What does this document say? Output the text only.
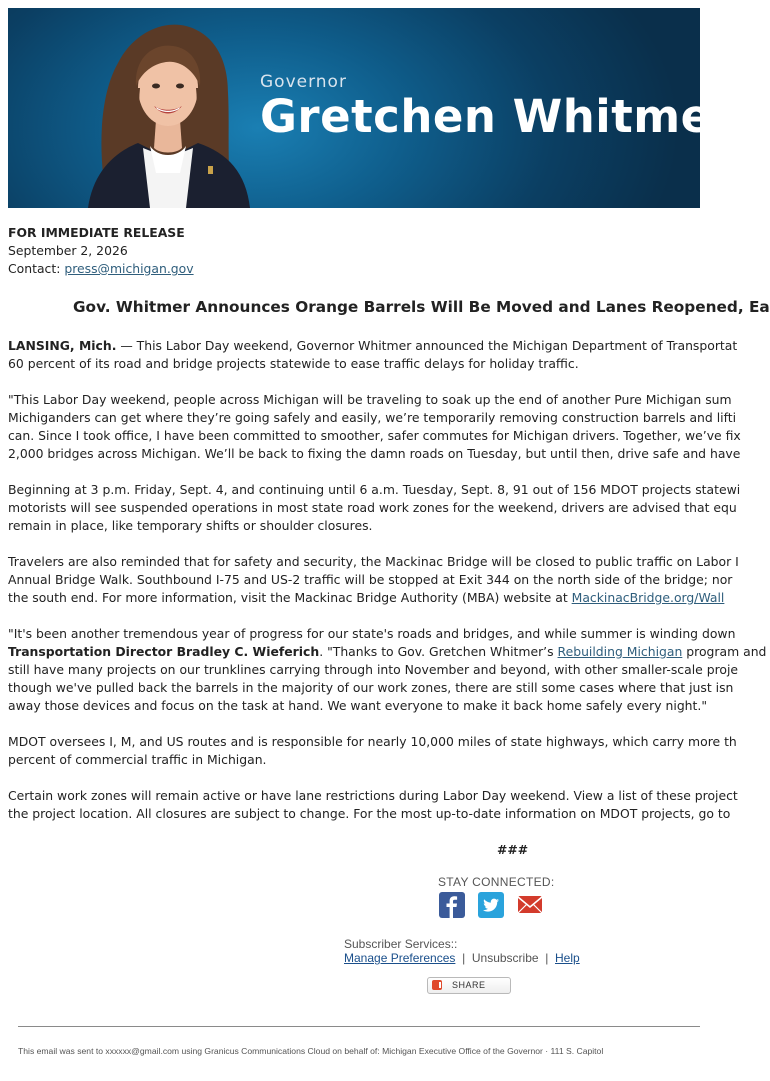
Governor
Gretchen Whitmer
FOR IMMEDIATE RELEASE
September 2, 2026
Contact: press@michigan.gov
Gov. Whitmer Announces Orange Barrels Will Be Moved and Lanes Reopened, Ea
LANSING, Mich. — This Labor Day weekend, Governor Whitmer announced the Michigan Department of Transportat
60 percent of its road and bridge projects statewide to ease traffic delays for holiday traffic.
"This Labor Day weekend, people across Michigan will be traveling to soak up the end of another Pure Michigan sum
Michiganders can get where they’re going safely and easily, we’re temporarily removing construction barrels and lifti
can. Since I took office, I have been committed to smoother, safer commutes for Michigan drivers. Together, we’ve fix
2,000 bridges across Michigan. We’ll be back to fixing the damn roads on Tuesday, but until then, drive safe and have
Beginning at 3 p.m. Friday, Sept. 4, and continuing until 6 a.m. Tuesday, Sept. 8, 91 out of 156 MDOT projects statewi
motorists will see suspended operations in most state road work zones for the weekend, drivers are advised that equ
remain in place, like temporary shifts or shoulder closures.
Travelers are also reminded that for safety and security, the Mackinac Bridge will be closed to public traffic on Labor I
Annual Bridge Walk. Southbound I-75 and US-2 traffic will be stopped at Exit 344 on the north side of the bridge; nor
the south end. For more information, visit the Mackinac Bridge Authority (MBA) website at MackinacBridge.org/Wall
"It's been another tremendous year of progress for our state's roads and bridges, and while summer is winding down
Transportation Director Bradley C. Wieferich. "Thanks to Gov. Gretchen Whitmer’s Rebuilding Michigan program and
still have many projects on our trunklines carrying through into November and beyond, with other smaller-scale proje
though we've pulled back the barrels in the majority of our work zones, there are still some cases where that just isn
away those devices and focus on the task at hand. We want everyone to make it back home safely every night."
MDOT oversees I, M, and US routes and is responsible for nearly 10,000 miles of state highways, which carry more th
percent of commercial traffic in Michigan.
Certain work zones will remain active or have lane restrictions during Labor Day weekend. View a list of these project
the project location. All closures are subject to change. For the most up-to-date information on MDOT projects, go to
###
STAY CONNECTED:
Subscriber Services::
Manage Preferences  |  Unsubscribe  |  Help
SHARE
This email was sent to xxxxxx@gmail.com using Granicus Communications Cloud on behalf of: Michigan Executive Office of the Governor · 111 S. Capitol
